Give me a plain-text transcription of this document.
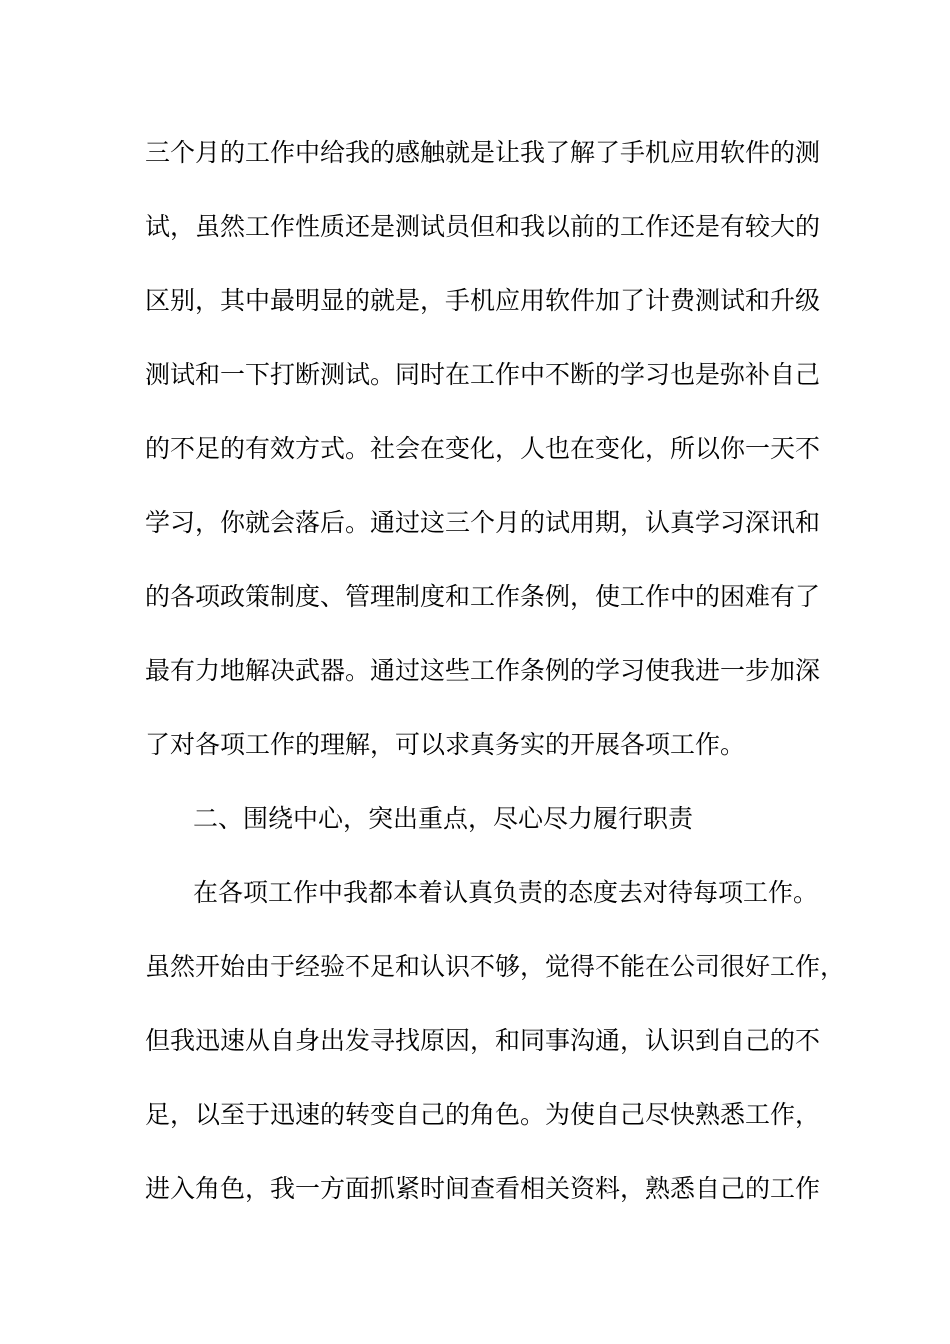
三个月的工作中给我的感触就是让我了解了手机应用软件的测
试，虽然工作性质还是测试员但和我以前的工作还是有较大的
区别，其中最明显的就是，手机应用软件加了计费测试和升级
测试和一下打断测试。同时在工作中不断的学习也是弥补自己
的不足的有效方式。社会在变化，人也在变化，所以你一天不
学习，你就会落后。通过这三个月的试用期，认真学习深讯和
的各项政策制度、管理制度和工作条例，使工作中的困难有了
最有力地解决武器。通过这些工作条例的学习使我进一步加深
了对各项工作的理解，可以求真务实的开展各项工作。
二、围绕中心，突出重点，尽心尽力履行职责
在各项工作中我都本着认真负责的态度去对待每项工作。
虽然开始由于经验不足和认识不够，觉得不能在公司很好工作，
但我迅速从自身出发寻找原因，和同事沟通，认识到自己的不
足，以至于迅速的转变自己的角色。为使自己尽快熟悉工作，
进入角色，我一方面抓紧时间查看相关资料，熟悉自己的工作
